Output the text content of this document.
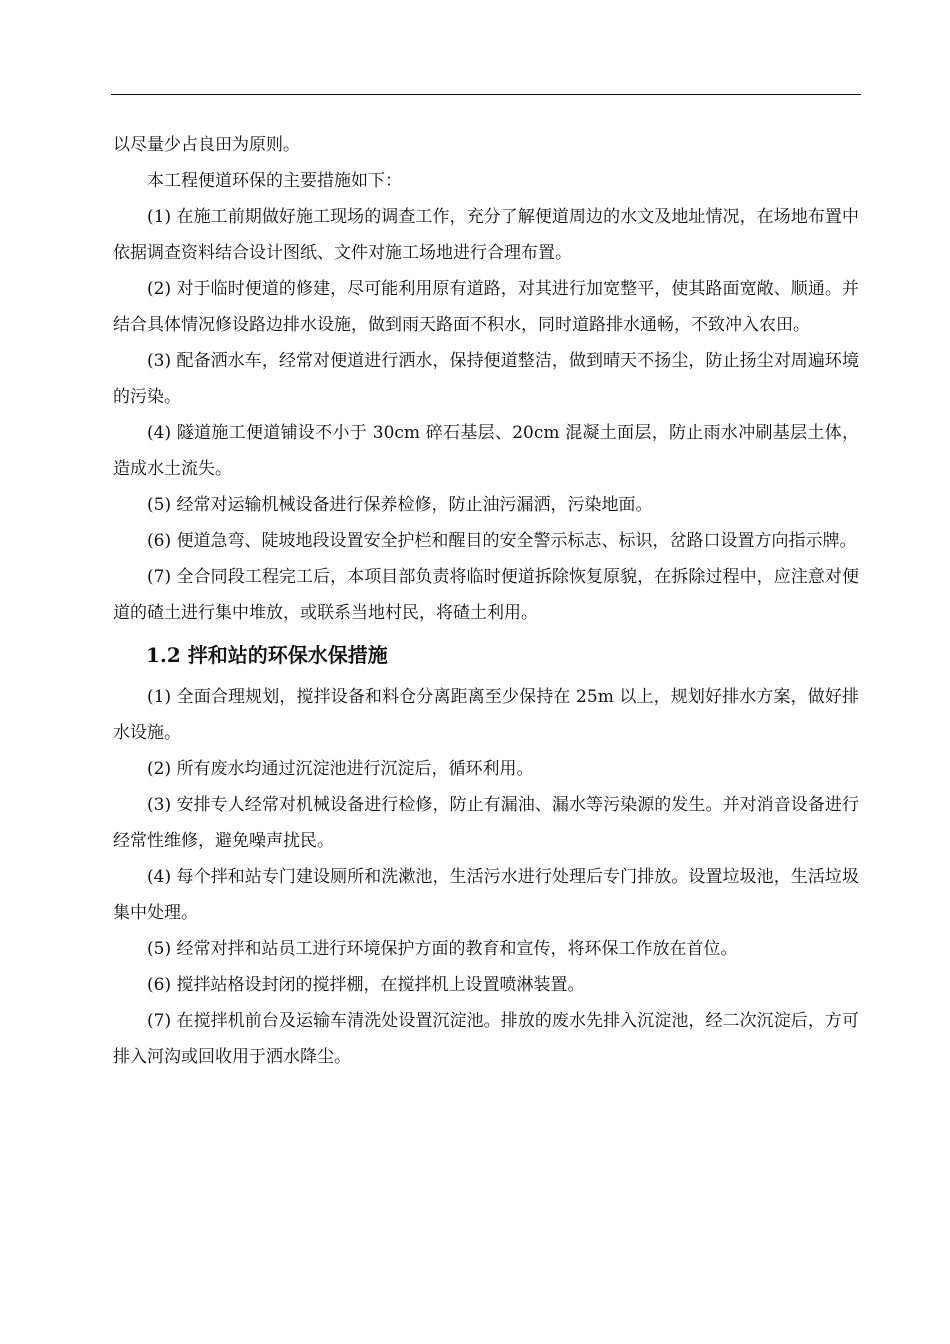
以尽量少占良田为原则。

本工程便道环保的主要措施如下：

(1) 在施工前期做好施工现场的调查工作，充分了解便道周边的水文及地址情况，在场地布置中依据调查资料结合设计图纸、文件对施工场地进行合理布置。

(2) 对于临时便道的修建，尽可能利用原有道路，对其进行加宽整平，使其路面宽敞、顺通。并结合具体情况修设路边排水设施，做到雨天路面不积水，同时道路排水通畅，不致冲入农田。

(3) 配备洒水车，经常对便道进行洒水，保持便道整洁，做到晴天不扬尘，防止扬尘对周遍环境的污染。

(4) 隧道施工便道铺设不小于 30cm 碎石基层、20cm 混凝土面层，防止雨水冲刷基层土体，造成水土流失。

(5) 经常对运输机械设备进行保养检修，防止油污漏洒，污染地面。

(6) 便道急弯、陡坡地段设置安全护栏和醒目的安全警示标志、标识，岔路口设置方向指示牌。

(7) 全合同段工程完工后，本项目部负责将临时便道拆除恢复原貌，在拆除过程中，应注意对便道的碴土进行集中堆放，或联系当地村民，将碴土利用。

1.2 拌和站的环保水保措施

(1) 全面合理规划，搅拌设备和料仓分离距离至少保持在 25m 以上，规划好排水方案，做好排水设施。

(2) 所有废水均通过沉淀池进行沉淀后，循环利用。

(3) 安排专人经常对机械设备进行检修，防止有漏油、漏水等污染源的发生。并对消音设备进行经常性维修，避免噪声扰民。

(4) 每个拌和站专门建设厕所和洗漱池，生活污水进行处理后专门排放。设置垃圾池，生活垃圾集中处理。

(5) 经常对拌和站员工进行环境保护方面的教育和宣传，将环保工作放在首位。

(6) 搅拌站格设封闭的搅拌棚，在搅拌机上设置喷淋装置。

(7) 在搅拌机前台及运输车清洗处设置沉淀池。排放的废水先排入沉淀池，经二次沉淀后，方可排入河沟或回收用于洒水降尘。
